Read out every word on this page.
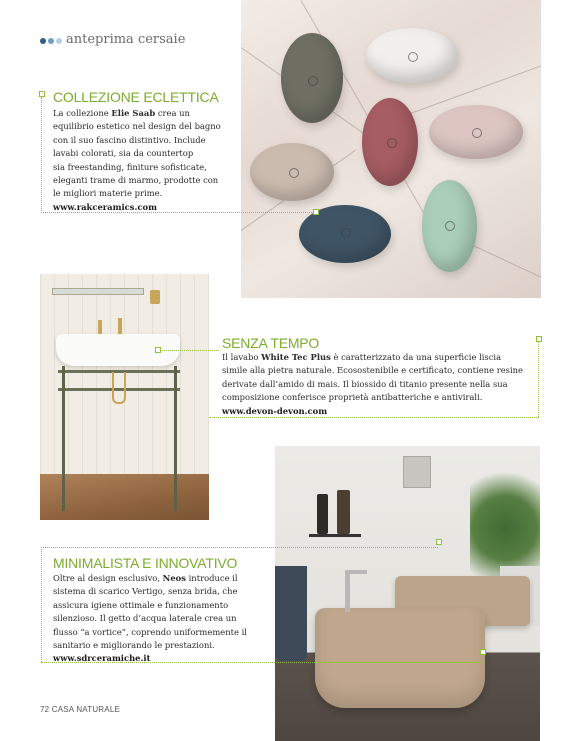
anteprima cersaie
COLLEZIONE ECLETTICA
La collezione Elie Saab crea un
equilibrio estetico nel design del bagno
con il suo fascino distintivo. Include
lavabi colorati, sia da countertop
sia freestanding, finiture sofisticate,
eleganti trame di marmo, prodotte con
le migliori materie prime.
www.rakceramics.com
SENZA TEMPO
Il lavabo White Tec Plus è caratterizzato da una superficie liscia
simile alla pietra naturale. Ecosostenibile e certificato, contiene resine
derivate dall’amido di mais. Il biossido di titanio presente nella sua
composizione conferisce proprietà antibatteriche e antivirali.
www.devon-devon.com
MINIMALISTA E INNOVATIVO
Oltre al design esclusivo, Neos introduce il
sistema di scarico Vertigo, senza brida, che
assicura igiene ottimale e funzionamento
silenzioso. Il getto d’acqua laterale crea un
flusso “a vortice”, coprendo uniformemente il
sanitario e migliorando le prestazioni.
www.sdrceramiche.it
72 CASA NATURALE
